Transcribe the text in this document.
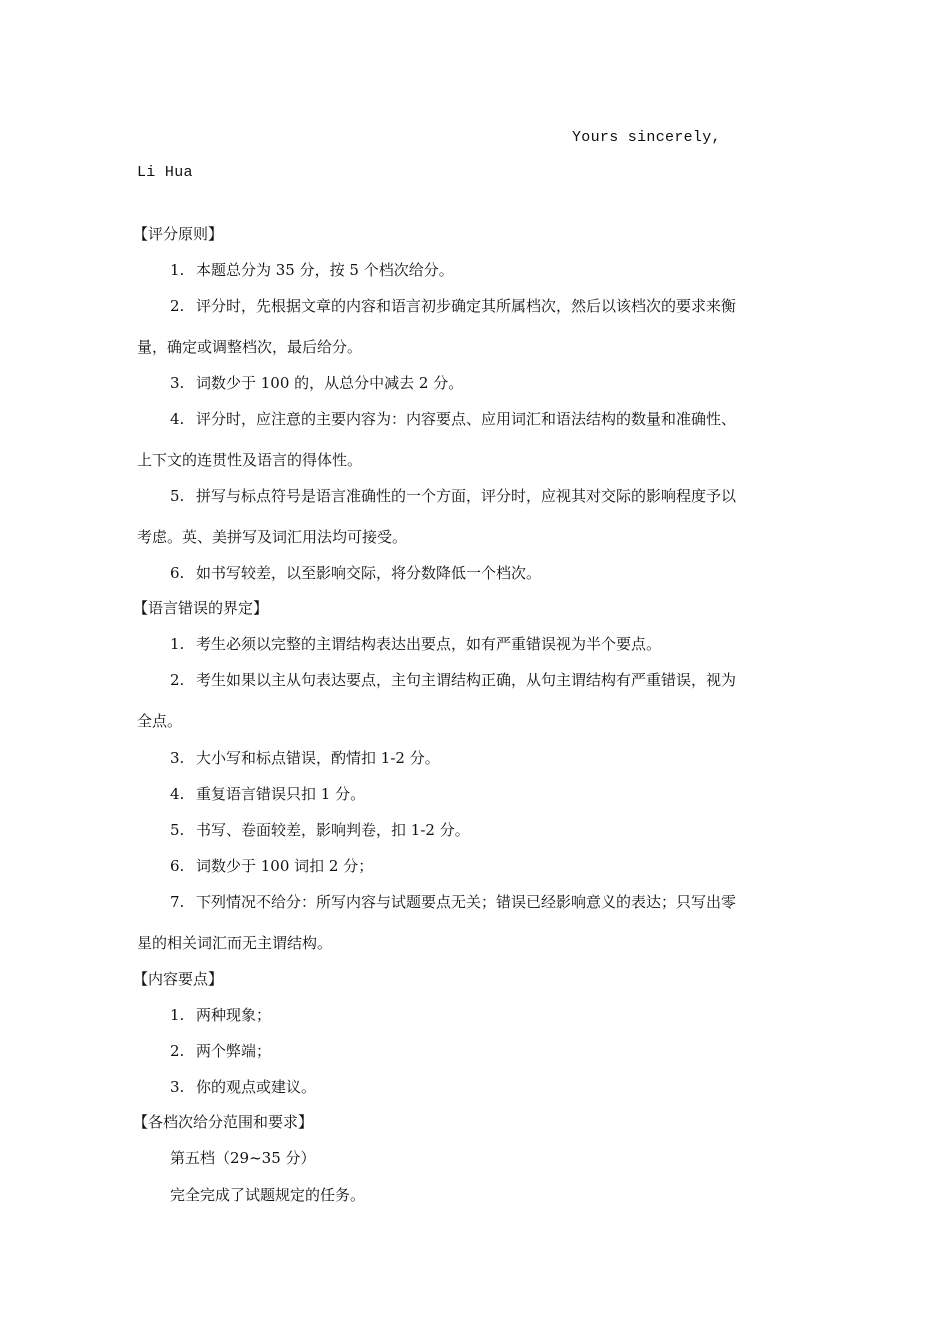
Yours sincerely,
Li Hua
【评分原则】
1. 本题总分为 35 分，按 5 个档次给分。
2. 评分时，先根据文章的内容和语言初步确定其所属档次，然后以该档次的要求来衡
量，确定或调整档次，最后给分。
3. 词数少于 100 的，从总分中减去 2 分。
4. 评分时，应注意的主要内容为：内容要点、应用词汇和语法结构的数量和准确性、
上下文的连贯性及语言的得体性。
5. 拼写与标点符号是语言准确性的一个方面，评分时，应视其对交际的影响程度予以
考虑。英、美拼写及词汇用法均可接受。
6. 如书写较差，以至影响交际，将分数降低一个档次。
【语言错误的界定】
1. 考生必须以完整的主谓结构表达出要点，如有严重错误视为半个要点。
2. 考生如果以主从句表达要点，主句主谓结构正确，从句主谓结构有严重错误，视为
全点。
3. 大小写和标点错误，酌情扣 1-2 分。
4. 重复语言错误只扣 1 分。
5. 书写、卷面较差，影响判卷，扣 1-2 分。
6. 词数少于 100 词扣 2 分；
7. 下列情况不给分：所写内容与试题要点无关；错误已经影响意义的表达；只写出零
星的相关词汇而无主谓结构。
【内容要点】
1. 两种现象；
2. 两个弊端；
3. 你的观点或建议。
【各档次给分范围和要求】
第五档（29~35 分）
完全完成了试题规定的任务。
